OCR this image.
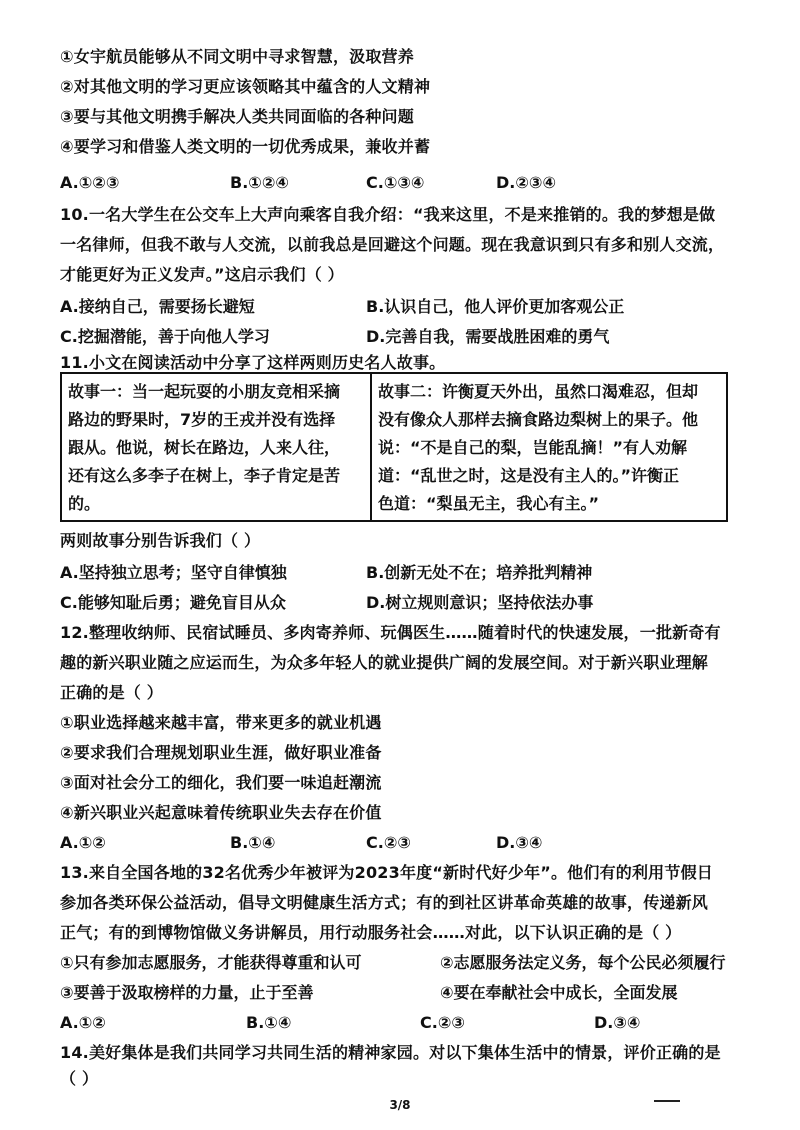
①女宇航员能够从不同文明中寻求智慧，汲取营养
②对其他文明的学习更应该领略其中蕴含的人文精神
③要与其他文明携手解决人类共同面临的各种问题
④要学习和借鉴人类文明的一切优秀成果，兼收并蓄
A.①②③	B.①②④	C.①③④	D.②③④
10.一名大学生在公交车上大声向乘客自我介绍：“我来这里，不是来推销的。我的梦想是做
一名律师，但我不敢与人交流，以前我总是回避这个问题。现在我意识到只有多和别人交流，
才能更好为正义发声。”这启示我们（ ）
A.接纳自己，需要扬长避短	B.认识自己，他人评价更加客观公正
C.挖掘潜能，善于向他人学习	D.完善自我，需要战胜困难的勇气
11.小文在阅读活动中分享了这样两则历史名人故事。
故事一：当一起玩耍的小朋友竞相采摘
路边的野果时，7岁的王戎并没有选择
跟从。他说，树长在路边，人来人往，
还有这么多李子在树上，李子肯定是苦
的。
故事二：许衡夏天外出，虽然口渴难忍，但却
没有像众人那样去摘食路边梨树上的果子。他
说：“不是自己的梨，岂能乱摘！”有人劝解
道：“乱世之时，这是没有主人的。”许衡正
色道：“梨虽无主，我心有主。”
两则故事分别告诉我们（ ）
A.坚持独立思考；坚守自律慎独	B.创新无处不在；培养批判精神
C.能够知耻后勇；避免盲目从众	D.树立规则意识；坚持依法办事
12.整理收纳师、民宿试睡员、多肉寄养师、玩偶医生……随着时代的快速发展，一批新奇有
趣的新兴职业随之应运而生，为众多年轻人的就业提供广阔的发展空间。对于新兴职业理解
正确的是（ ）
①职业选择越来越丰富，带来更多的就业机遇
②要求我们合理规划职业生涯，做好职业准备
③面对社会分工的细化，我们要一味追赶潮流
④新兴职业兴起意味着传统职业失去存在价值
A.①②	B.①④	C.②③	D.③④
13.来自全国各地的32名优秀少年被评为2023年度“新时代好少年”。他们有的利用节假日
参加各类环保公益活动，倡导文明健康生活方式；有的到社区讲革命英雄的故事，传递新风
正气；有的到博物馆做义务讲解员，用行动服务社会……对此，以下认识正确的是（ ）
①只有参加志愿服务，才能获得尊重和认可	②志愿服务法定义务，每个公民必须履行
③要善于汲取榜样的力量，止于至善	④要在奉献社会中成长，全面发展
A.①②	B.①④	C.②③	D.③④
14.美好集体是我们共同学习共同生活的精神家园。对以下集体生活中的情景，评价正确的是
（ ）
3/8
